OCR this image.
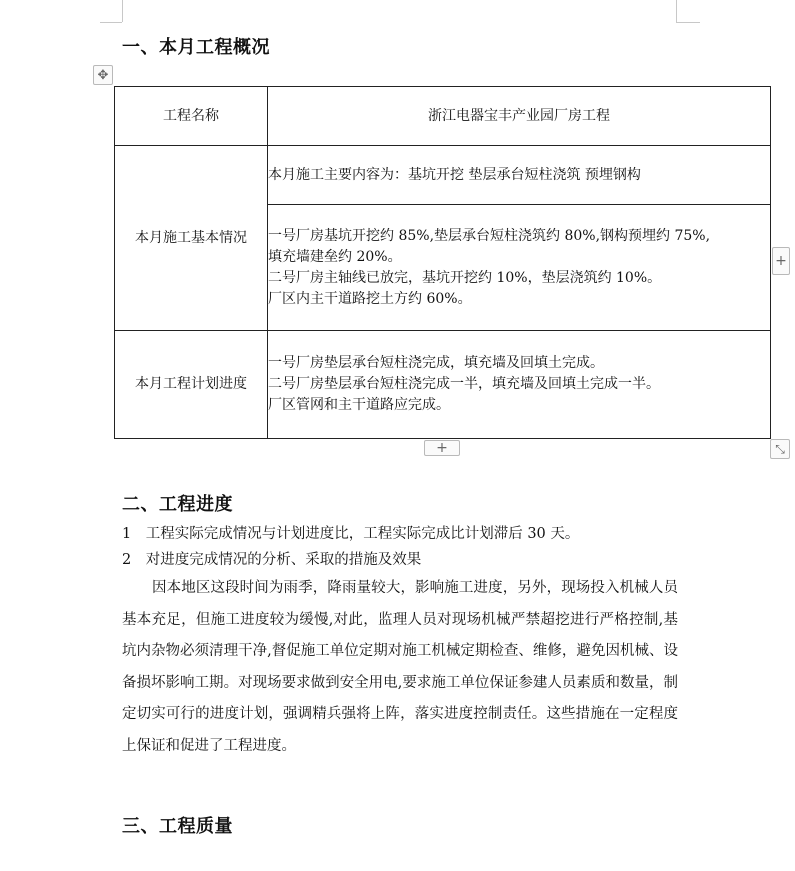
一、本月工程概况
✥
工程名称	浙江电器宝丰产业园厂房工程
本月施工基本情况	本月施工主要内容为：基坑开挖 垫层承台短柱浇筑 预埋钢构

	一号厂房基坑开挖约 85%,垫层承台短柱浇筑约 80%,钢构预埋约 75%,
填充墙建垒约 20%。
二号厂房主轴线已放完，基坑开挖约 10%，垫层浇筑约 10%。
厂区内主干道路挖土方约 60%。

本月工程计划进度	一号厂房垫层承台短柱浇完成，填充墙及回填土完成。
二号厂房垫层承台短柱浇完成一半，填充墙及回填土完成一半。
厂区管网和主干道路应完成。
+
+	⤡
二、工程进度

1　工程实际完成情况与计划进度比，工程实际完成比计划滞后 30 天。

2　对进度完成情况的分析、采取的措施及效果

因本地区这段时间为雨季，降雨量较大，影响施工进度，另外，现场投入机械人员基本充足，但施工进度较为缓慢,对此，监理人员对现场机械严禁超挖进行严格控制,基坑内杂物必须清理干净,督促施工单位定期对施工机械定期检查、维修，避免因机械、设备损坏影响工期。对现场要求做到安全用电,要求施工单位保证参建人员素质和数量，制定切实可行的进度计划，强调精兵强将上阵，落实进度控制责任。这些措施在一定程度上保证和促进了工程进度。

三、工程质量
